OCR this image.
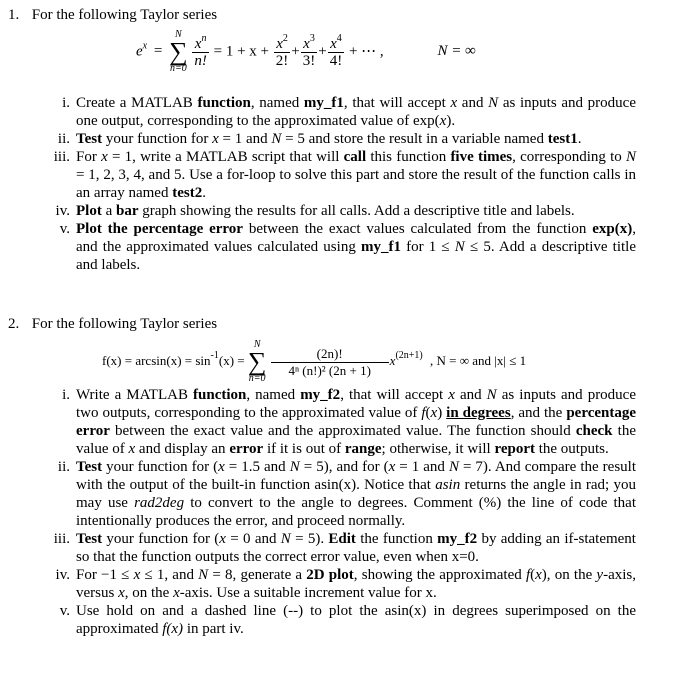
1. For the following Taylor series
$e^x$ =
N
∑
n=0
$\frac{x^n}{n!} = 1 + x + \frac{x^2}{2!} + \frac{x^3}{3!} + \frac{x^4}{4!}$ + ⋯ ,	N = ∞
i. Create a MATLAB function, named my_f1, that will accept x and N as inputs and produce one output, corresponding to the approximated value of exp(x).
ii. Test your function for x = 1 and N = 5 and store the result in a variable named test1.
iii. For x = 1, write a MATLAB script that will call this function five times, corresponding to N = 1, 2, 3, 4, and 5. Use a for-loop to solve this part and store the result of the function calls in an array named test2.
iv. Plot a bar graph showing the results for all calls. Add a descriptive title and labels.
v. Plot the percentage error between the exact values calculated from the function exp(x), and the approximated values calculated using my_f1 for 1 ≤ N ≤ 5. Add a descriptive title and labels.
2. For the following Taylor series
$f(x) = \arcsin(x) = \sin^{-1}(x)$ =
N
∑
n=0
$\frac{(2n)!}{\text{4ⁿ (n!)² (2n + 1)}} x^{(2n+1)}$ , N = ∞ and |x| ≤ 1
i. Write a MATLAB function, named my_f2, that will accept x and N as inputs and produce two outputs, corresponding to the approximated value of f(x) in degrees, and the percentage error between the exact value and the approximated value. The function should check the value of x and display an error if it is out of range; otherwise, it will report the outputs.
ii. Test your function for (x = 1.5 and N = 5), and for (x = 1 and N = 7). And compare the result with the output of the built-in function asin(x). Notice that asin returns the angle in rad; you may use rad2deg to convert to the angle to degrees. Comment (%) the line of code that intentionally produces the error, and proceed normally.
iii. Test your function for (x = 0 and N = 5). Edit the function my_f2 by adding an if-statement so that the function outputs the correct error value, even when x=0.
iv. For −1 ≤ x ≤ 1, and N = 8, generate a 2D plot, showing the approximated f(x), on the y-axis, versus x, on the x-axis. Use a suitable increment value for x.
v. Use hold on and a dashed line (--) to plot the asin(x) in degrees superimposed on the approximated f(x) in part iv.
